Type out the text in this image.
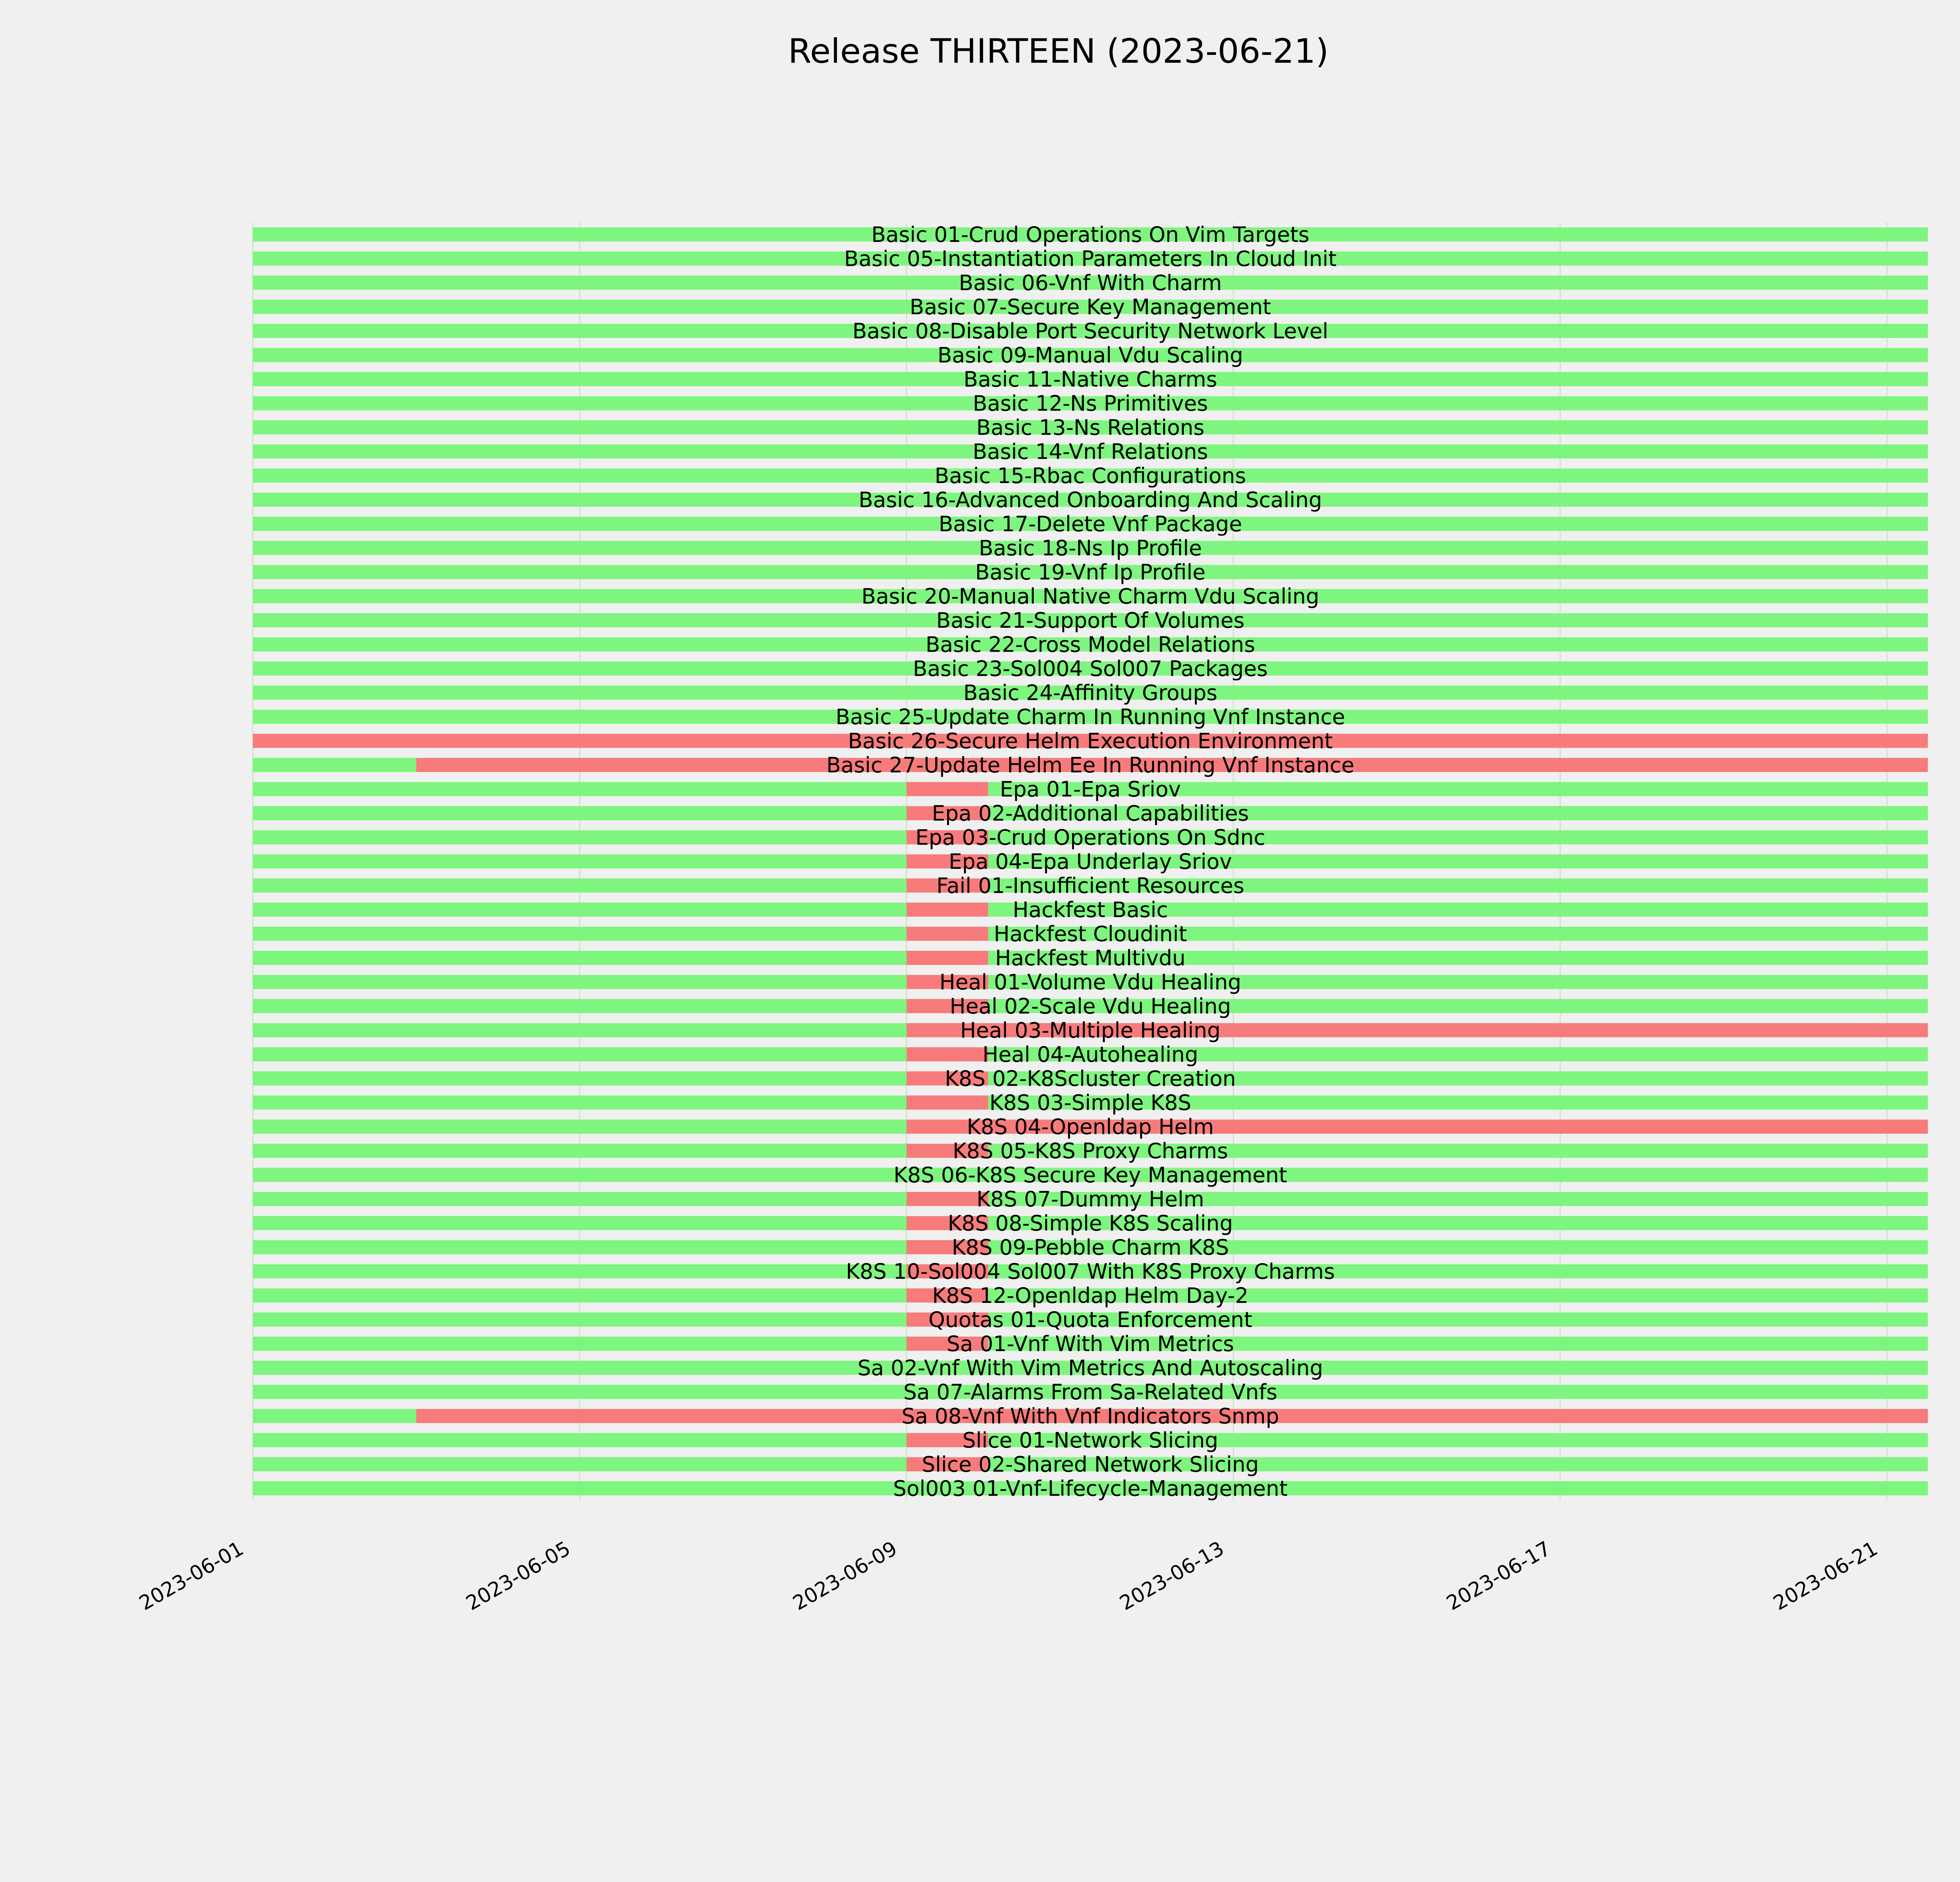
Release THIRTEEN (2023-06-21)
Basic 01-Crud Operations On Vim Targets
Basic 05-Instantiation Parameters In Cloud Init
Basic 06-Vnf With Charm
Basic 07-Secure Key Management
Basic 08-Disable Port Security Network Level
Basic 09-Manual Vdu Scaling
Basic 11-Native Charms
Basic 12-Ns Primitives
Basic 13-Ns Relations
Basic 14-Vnf Relations
Basic 15-Rbac Configurations
Basic 16-Advanced Onboarding And Scaling
Basic 17-Delete Vnf Package
Basic 18-Ns Ip Profile
Basic 19-Vnf Ip Profile
Basic 20-Manual Native Charm Vdu Scaling
Basic 21-Support Of Volumes
Basic 22-Cross Model Relations
Basic 23-Sol004 Sol007 Packages
Basic 24-Affinity Groups
Basic 25-Update Charm In Running Vnf Instance
Basic 26-Secure Helm Execution Environment
Basic 27-Update Helm Ee In Running Vnf Instance
Epa 01-Epa Sriov
Epa 02-Additional Capabilities
Epa 03-Crud Operations On Sdnc
Epa 04-Epa Underlay Sriov
Fail 01-Insufficient Resources
Hackfest Basic
Hackfest Cloudinit
Hackfest Multivdu
Heal 01-Volume Vdu Healing
Heal 02-Scale Vdu Healing
Heal 03-Multiple Healing
Heal 04-Autohealing
K8S 02-K8Scluster Creation
K8S 03-Simple K8S
K8S 04-Openldap Helm
K8S 05-K8S Proxy Charms
K8S 06-K8S Secure Key Management
K8S 07-Dummy Helm
K8S 08-Simple K8S Scaling
K8S 09-Pebble Charm K8S
K8S 10-Sol004 Sol007 With K8S Proxy Charms
K8S 12-Openldap Helm Day-2
Quotas 01-Quota Enforcement
Sa 01-Vnf With Vim Metrics
Sa 02-Vnf With Vim Metrics And Autoscaling
Sa 07-Alarms From Sa-Related Vnfs
Sa 08-Vnf With Vnf Indicators Snmp
Slice 01-Network Slicing
Slice 02-Shared Network Slicing
Sol003 01-Vnf-Lifecycle-Management
2023-06-01	2023-06-05	2023-06-09	2023-06-13	2023-06-17	2023-06-21
